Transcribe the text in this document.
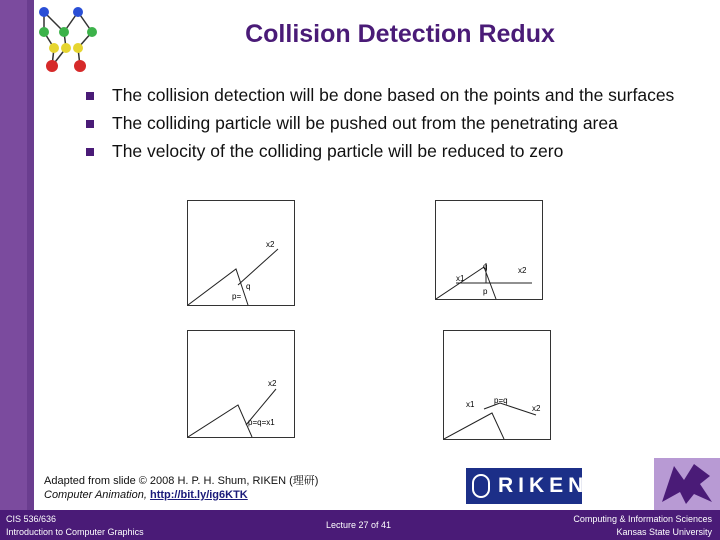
Collision Detection Redux
The collision detection will be done based on the points and the surfaces
The colliding particle will be pushed out from the penetrating area
The velocity of the colliding particle will be reduced to zero
x2
q
p=
x1
q	x2
p
x2
p=q=x1
x1 p=q
x2
Adapted from slide © 2008 H. P. H. Shum, RIKEN (理研)
Computer Animation, http://bit.ly/ig6KTK	RIKEN
CIS 536/636
Introduction to Computer Graphics
Lecture 27 of 41
Computing & Information Sciences
Kansas State University
